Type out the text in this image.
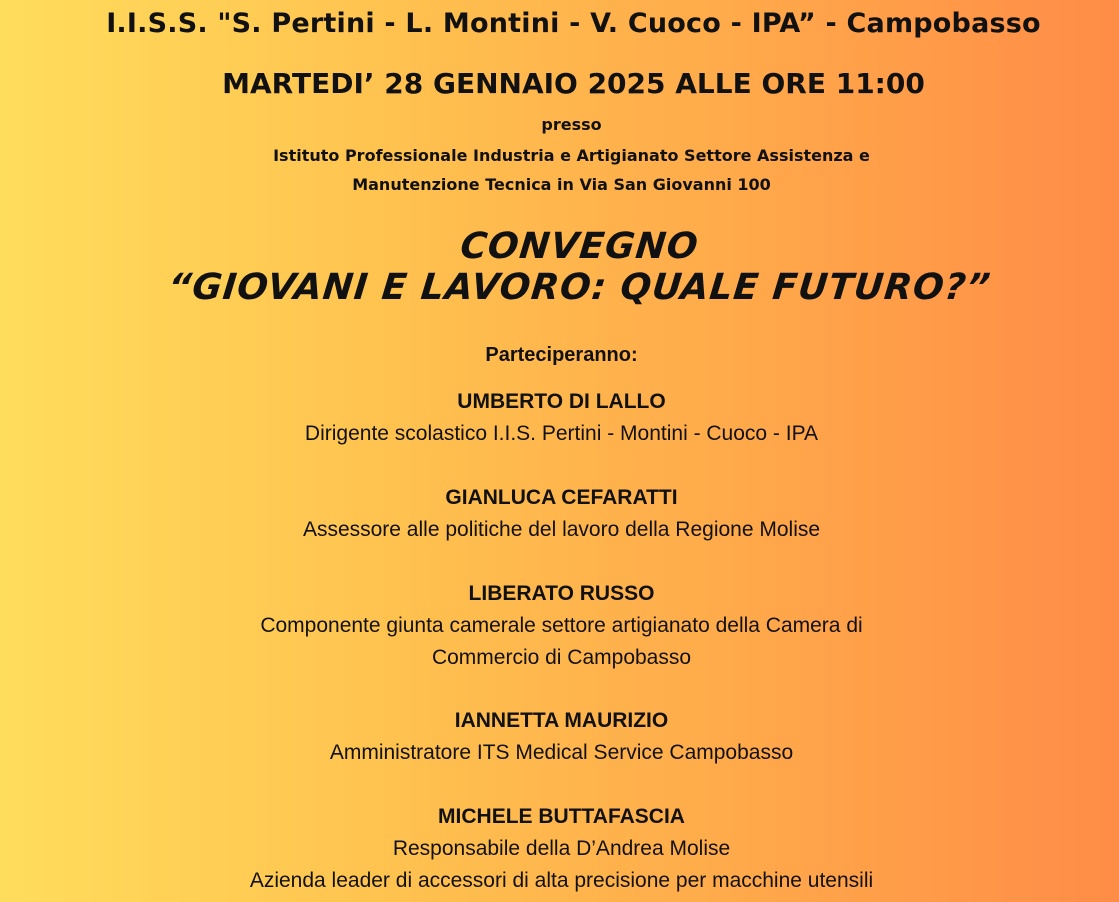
I.I.S.S. "S. Pertini - L. Montini - V. Cuoco - IPA” - Campobasso
MARTEDI’ 28 GENNAIO 2025 ALLE ORE 11:00

presso

Istituto Professionale Industria e Artigianato Settore Assistenza e

Manutenzione Tecnica in Via San Giovanni 100

CONVEGNO
“GIOVANI E LAVORO: QUALE FUTURO?”

Parteciperanno:

UMBERTO DI LALLO

Dirigente scolastico I.I.S. Pertini - Montini - Cuoco - IPA

GIANLUCA CEFARATTI

Assessore alle politiche del lavoro della Regione Molise

LIBERATO RUSSO

Componente giunta camerale settore artigianato della Camera di

Commercio di Campobasso

IANNETTA MAURIZIO

Amministratore ITS Medical Service Campobasso

MICHELE BUTTAFASCIA

Responsabile della D’Andrea Molise

Azienda leader di accessori di alta precisione per macchine utensili
